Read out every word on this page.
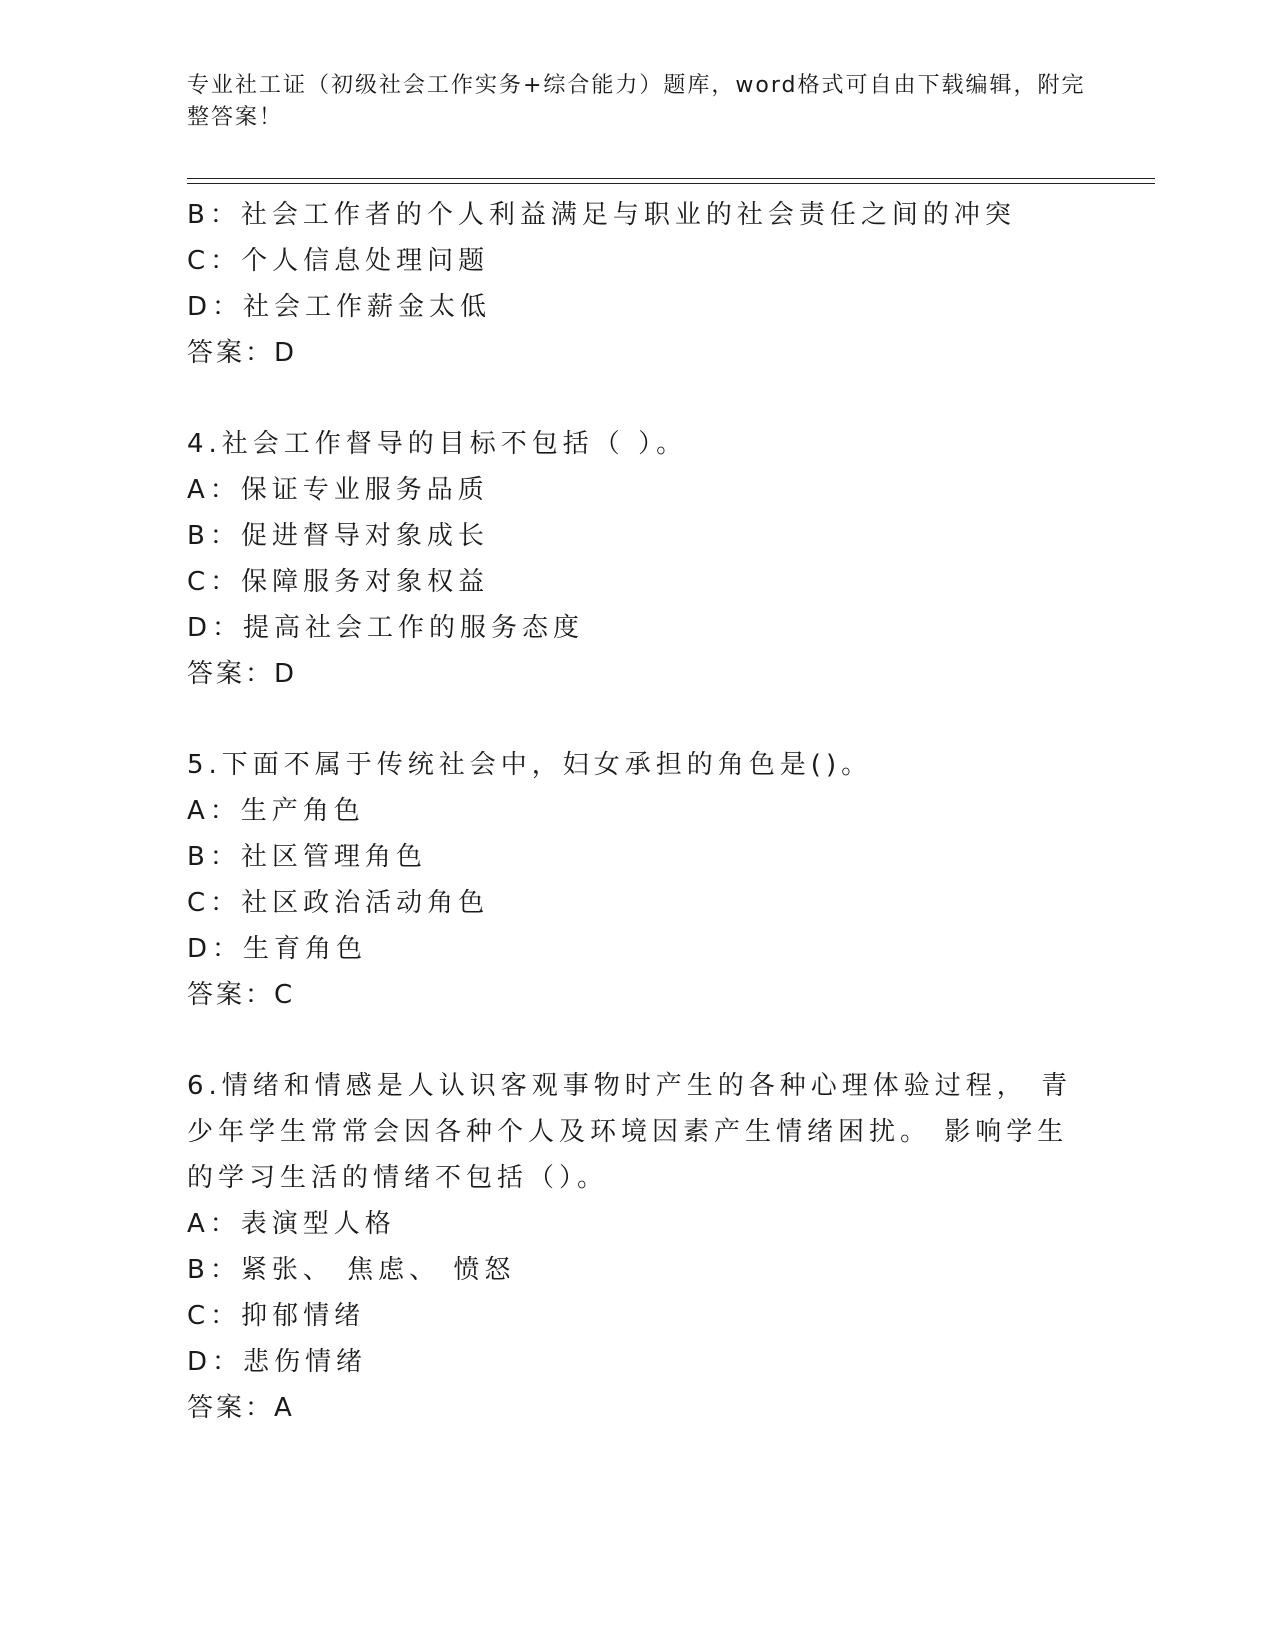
专业社工证（初级社会工作实务+综合能力）题库，word格式可自由下载编辑，附完整答案！
B：社会工作者的个人利益满足与职业的社会责任之间的冲突
C：个人信息处理问题
D：社会工作薪金太低
答案：D
4.社会工作督导的目标不包括（ ）。
A：保证专业服务品质
B：促进督导对象成长
C：保障服务对象权益
D：提高社会工作的服务态度
答案：D
5.下面不属于传统社会中，妇女承担的角色是()。
A：生产角色
B：社区管理角色
C：社区政治活动角色
D：生育角色
答案：C
6.情绪和情感是人认识客观事物时产生的各种心理体验过程， 青少年学生常常会因各种个人及环境因素产生情绪困扰。 影响学生的学习生活的情绪不包括（）。
A：表演型人格
B：紧张、 焦虑、 愤怒
C：抑郁情绪
D：悲伤情绪
答案：A
